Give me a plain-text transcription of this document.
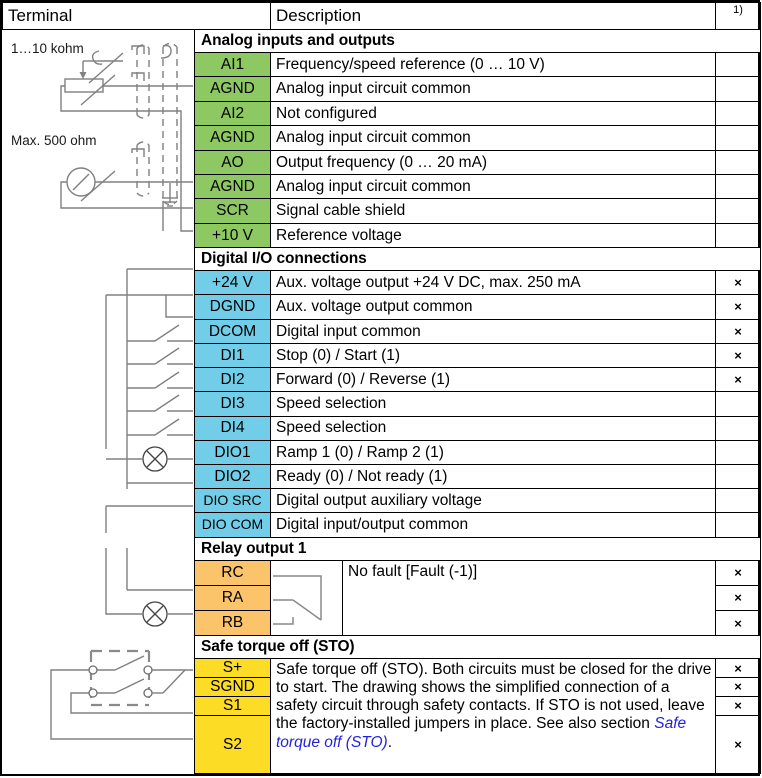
Terminal		Description		1)

1…10 kohm
Max. 500 ohm	Analog inputs and outputs			
	AI1	Frequency/speed reference (0 … 10 V)		
	AGND	Analog input circuit common		
	AI2	Not configured		
	AGND	Analog input circuit common		
	AO	Output frequency (0 … 20 mA)		
	AGND	Analog input circuit common		
	SCR	Signal cable shield		
	+10 V	Reference voltage		

	Digital I/O connections			
	+24 V	Aux. voltage output +24 V DC, max. 250 mA		×
	DGND	Aux. voltage output common		×
	DCOM	Digital input common		×
	DI1	Stop (0) / Start (1)		×
	DI2	Forward (0) / Reverse (1)		×
	DI3	Speed selection		
	DI4	Speed selection		
	DIO1	Ramp 1 (0) / Ramp 2 (1)		
	DIO2	Ready (0) / Not ready (1)		
	DIO SRC	Digital output auxiliary voltage		
	DIO COM	Digital input/output common		

	Relay output 1			
	RC		No fault [Fault (-1)]	×
	RA			×
	RB			×

	Safe torque off (STO)			
	S+	Safe torque off (STO). Both circuits must be closed for the drive to start. The drawing shows the simplified connection of a safety circuit through safety contacts. If STO is not used, leave the factory-installed jumpers in place. See also section Safe torque off (STO).		×
	SGND			×
	S1			×
	S2			×
